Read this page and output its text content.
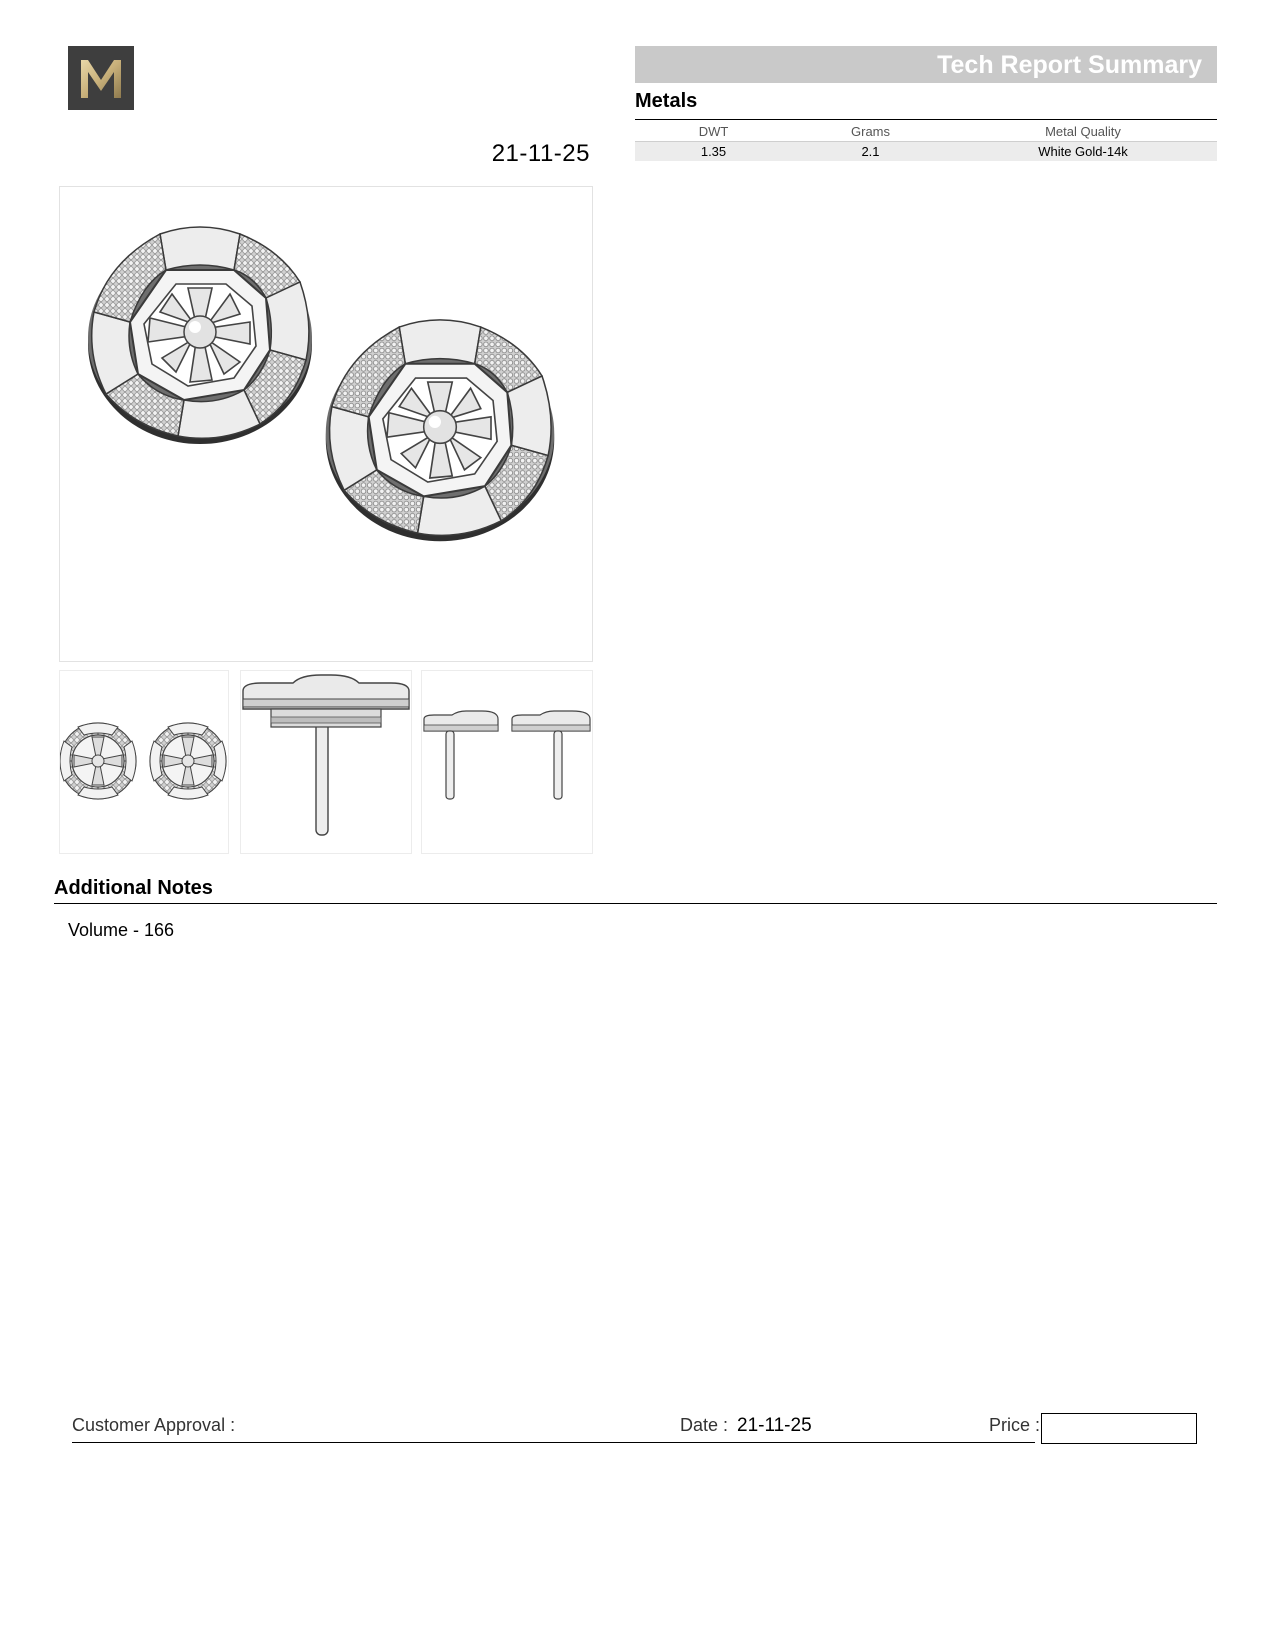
21-11-25
Tech Report Summary
Metals
DWT	Grams	Metal Quality
1.35	2.1	White Gold-14k
Additional Notes
Volume - 166
Customer Approval :	Date : 21-11-25	Price :
